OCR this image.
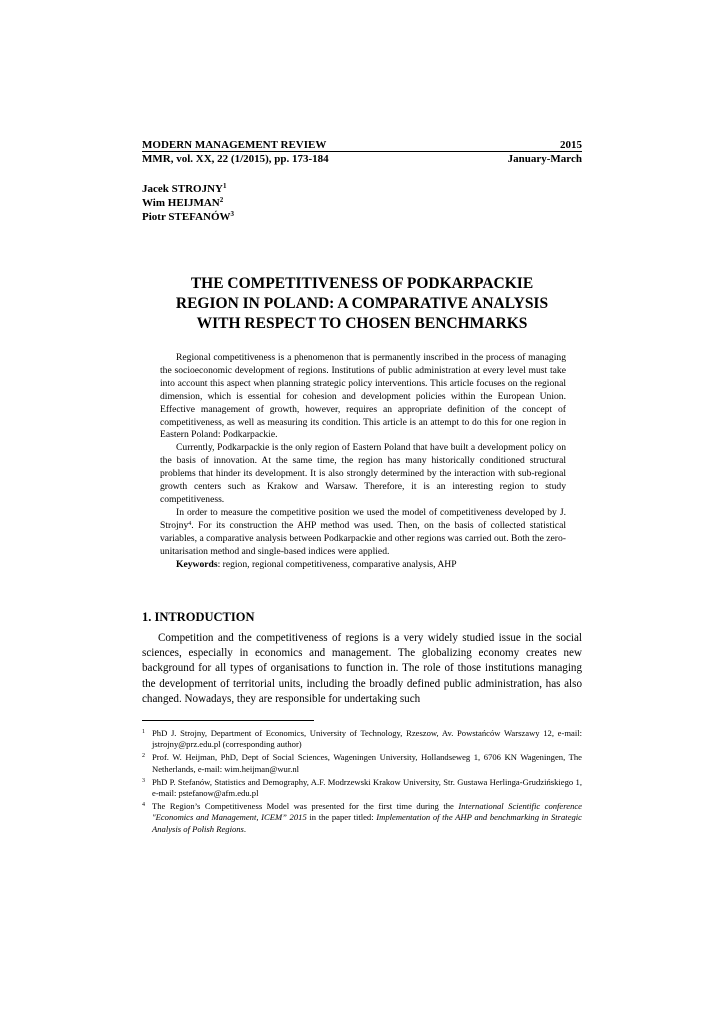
MODERN MANAGEMENT REVIEW	2015
MMR, vol. XX, 22 (1/2015), pp. 173-184	January-March
Jacek STROJNY$^1$
Wim HEIJMAN$^2$
Piotr STEFANÓW$^3$
THE COMPETITIVENESS OF PODKARPACKIE
REGION IN POLAND: A COMPARATIVE ANALYSIS
WITH RESPECT TO CHOSEN BENCHMARKS

Regional competitiveness is a phenomenon that is permanently inscribed in the process of managing the socioeconomic development of regions. Institutions of public administration at every level must take into account this aspect when planning strategic policy interventions. This article focuses on the regional dimension, which is essential for cohesion and development policies within the European Union. Effective management of growth, however, requires an appropriate definition of the concept of competitiveness, as well as measuring its condition. This article is an attempt to do this for one region in Eastern Poland: Podkarpackie.

Currently, Podkarpackie is the only region of Eastern Poland that have built a development policy on the basis of innovation. At the same time, the region has many historically conditioned structural problems that hinder its development. It is also strongly determined by the interaction with sub-regional growth centers such as Krakow and Warsaw. Therefore, it is an interesting region to study competitiveness.

In order to measure the competitive position we used the model of competitiveness developed by J. Strojny$^4$. For its construction the AHP method was used. Then, on the basis of collected statistical variables, a comparative analysis between Podkarpackie and other regions was carried out. Both the zero-unitarisation method and single-based indices were applied.

Keywords: region, regional competitiveness, comparative analysis, AHP

1. INTRODUCTION

Competition and the competitiveness of regions is a very widely studied issue in the social sciences, especially in economics and management. The globalizing economy creates new background for all types of organisations to function in. The role of those institutions managing the development of territorial units, including the broadly defined public administration, has also changed. Nowadays, they are responsible for undertaking such

1 PhD J. Strojny, Department of Economics, University of Technology, Rzeszow, Av. Powstańców Warszawy 12, e-mail: jstrojny@prz.edu.pl (corresponding author)
2 Prof. W. Heijman, PhD, Dept of Social Sciences, Wageningen University, Hollandseweg 1, 6706 KN Wageningen, The Netherlands, e-mail: wim.heijman@wur.nl
3 PhD P. Stefanów, Statistics and Demography, A.F. Modrzewski Krakow University, Str. Gustawa Herlinga-Grudzińskiego 1, e-mail: pstefanow@afm.edu.pl
4 The Region’s Competitiveness Model was presented for the first time during the International Scientific conference "Economics and Management, ICEM” 2015 in the paper titled: Implementation of the AHP and benchmarking in Strategic Analysis of Polish Regions.
